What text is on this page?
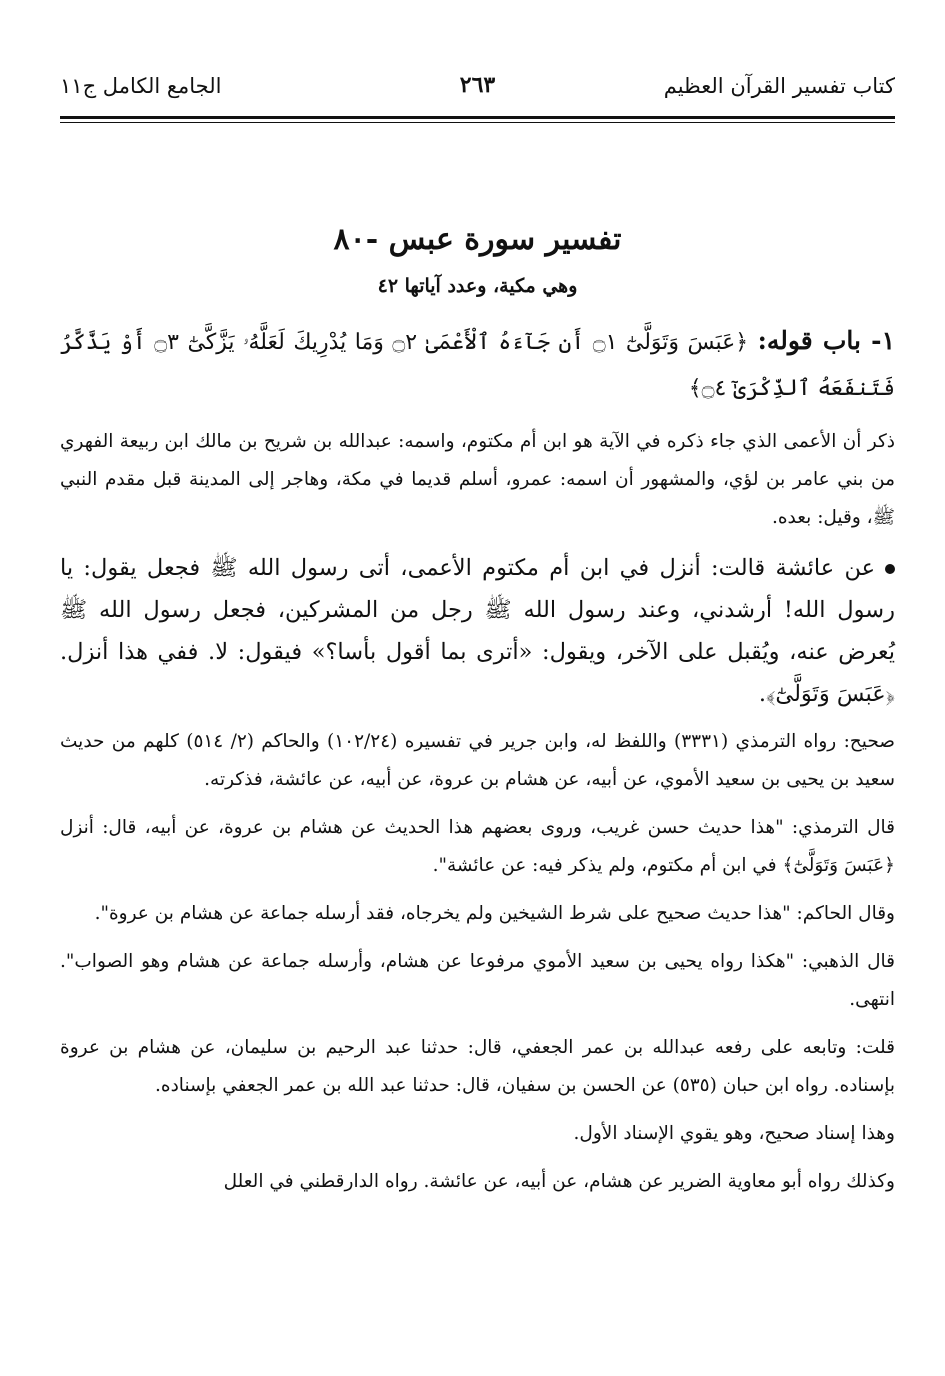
كتاب تفسير القرآن العظيم
٢٦٣
الجامع الكامل ج١١
تفسير سورة عبس -٨٠
وهي مكية، وعدد آياتها ٤٢

١- باب قوله: ﴿عَبَسَ وَتَوَلَّىٰٓ ۝١ أَن جَآءَهُ ٱلْأَعْمَىٰ ۝٢ وَمَا يُدْرِيكَ لَعَلَّهُۥ يَزَّكَّىٰٓ ۝٣ أَوْ يَذَّكَّرُ فَتَنفَعَهُ ٱلذِّكْرَىٰٓ ۝٤﴾

ذكر أن الأعمى الذي جاء ذكره في الآية هو ابن أم مكتوم، واسمه: عبدالله بن شريح بن مالك ابن ربيعة الفهري من بني عامر بن لؤي، والمشهور أن اسمه: عمرو، أسلم قديما في مكة، وهاجر إلى المدينة قبل مقدم النبي ﷺ، وقيل: بعده.

عن عائشة قالت: أنزل في ابن أم مكتوم الأعمى، أتى رسول الله ﷺ فجعل يقول: يا رسول الله! أرشدني، وعند رسول الله ﷺ رجل من المشركين، فجعل رسول الله ﷺ يُعرض عنه، ويُقبل على الآخر، ويقول: «أترى بما أقول بأسا؟» فيقول: لا. ففي هذا أنزل. ﴿عَبَسَ وَتَوَلَّىٰٓ﴾.

صحيح: رواه الترمذي (٣٣٣١) واللفظ له، وابن جرير في تفسيره (١٠٢/٢٤) والحاكم (٢/ ٥١٤) كلهم من حديث سعيد بن يحيى بن سعيد الأموي، عن أبيه، عن هشام بن عروة، عن أبيه، عن عائشة، فذكرته.

قال الترمذي: "هذا حديث حسن غريب، وروى بعضهم هذا الحديث عن هشام بن عروة، عن أبيه، قال: أنزل ﴿عَبَسَ وَتَوَلَّىٰٓ﴾ في ابن أم مكتوم، ولم يذكر فيه: عن عائشة".

وقال الحاكم: "هذا حديث صحيح على شرط الشيخين ولم يخرجاه، فقد أرسله جماعة عن هشام بن عروة".

قال الذهبي: "هكذا رواه يحيى بن سعيد الأموي مرفوعا عن هشام، وأرسله جماعة عن هشام وهو الصواب". انتهى.

قلت: وتابعه على رفعه عبدالله بن عمر الجعفي، قال: حدثنا عبد الرحيم بن سليمان، عن هشام بن عروة بإسناده. رواه ابن حبان (٥٣٥) عن الحسن بن سفيان، قال: حدثنا عبد الله بن عمر الجعفي بإسناده.

وهذا إسناد صحيح، وهو يقوي الإسناد الأول.

وكذلك رواه أبو معاوية الضرير عن هشام، عن أبيه، عن عائشة. رواه الدارقطني في العلل
